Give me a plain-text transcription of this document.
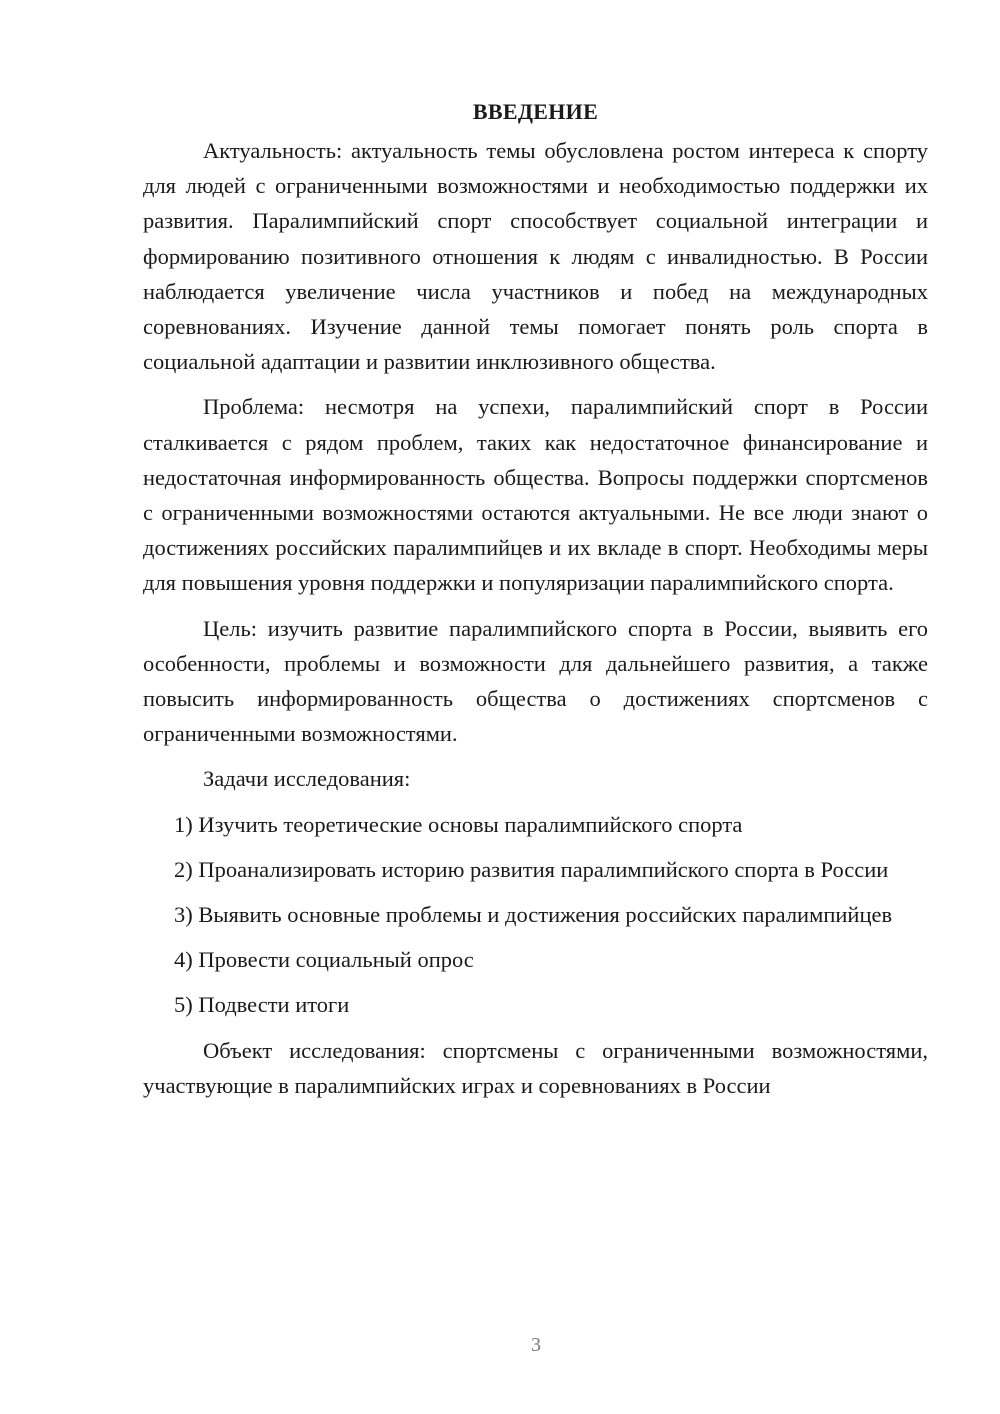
ВВЕДЕНИЕ

Актуальность: актуальность темы обусловлена ростом интереса к спорту для людей с ограниченными возможностями и необходимостью поддержки их развития. Паралимпийский спорт способствует социальной интеграции и формированию позитивного отношения к людям с инвалидностью. В России наблюдается увеличение числа участников и побед на международных соревнованиях. Изучение данной темы помогает понять роль спорта в социальной адаптации и развитии инклюзивного общества.

Проблема: несмотря на успехи, паралимпийский спорт в России сталкивается с рядом проблем, таких как недостаточное финансирование и недостаточная информированность общества. Вопросы поддержки спортсменов с ограниченными возможностями остаются актуальными. Не все люди знают о достижениях российских паралимпийцев и их вкладе в спорт. Необходимы меры для повышения уровня поддержки и популяризации паралимпийского спорта.

Цель: изучить развитие паралимпийского спорта в России, выявить его особенности, проблемы и возможности для дальнейшего развития, а также повысить информированность общества о достижениях спортсменов с ограниченными возможностями.

Задачи исследования:

1) Изучить теоретические основы паралимпийского спорта

2) Проанализировать историю развития паралимпийского спорта в России

3) Выявить основные проблемы и достижения российских паралимпийцев

4) Провести социальный опрос

5) Подвести итоги

Объект исследования: спортсмены с ограниченными возможностями, участвующие в паралимпийских играх и соревнованиях в России

3
